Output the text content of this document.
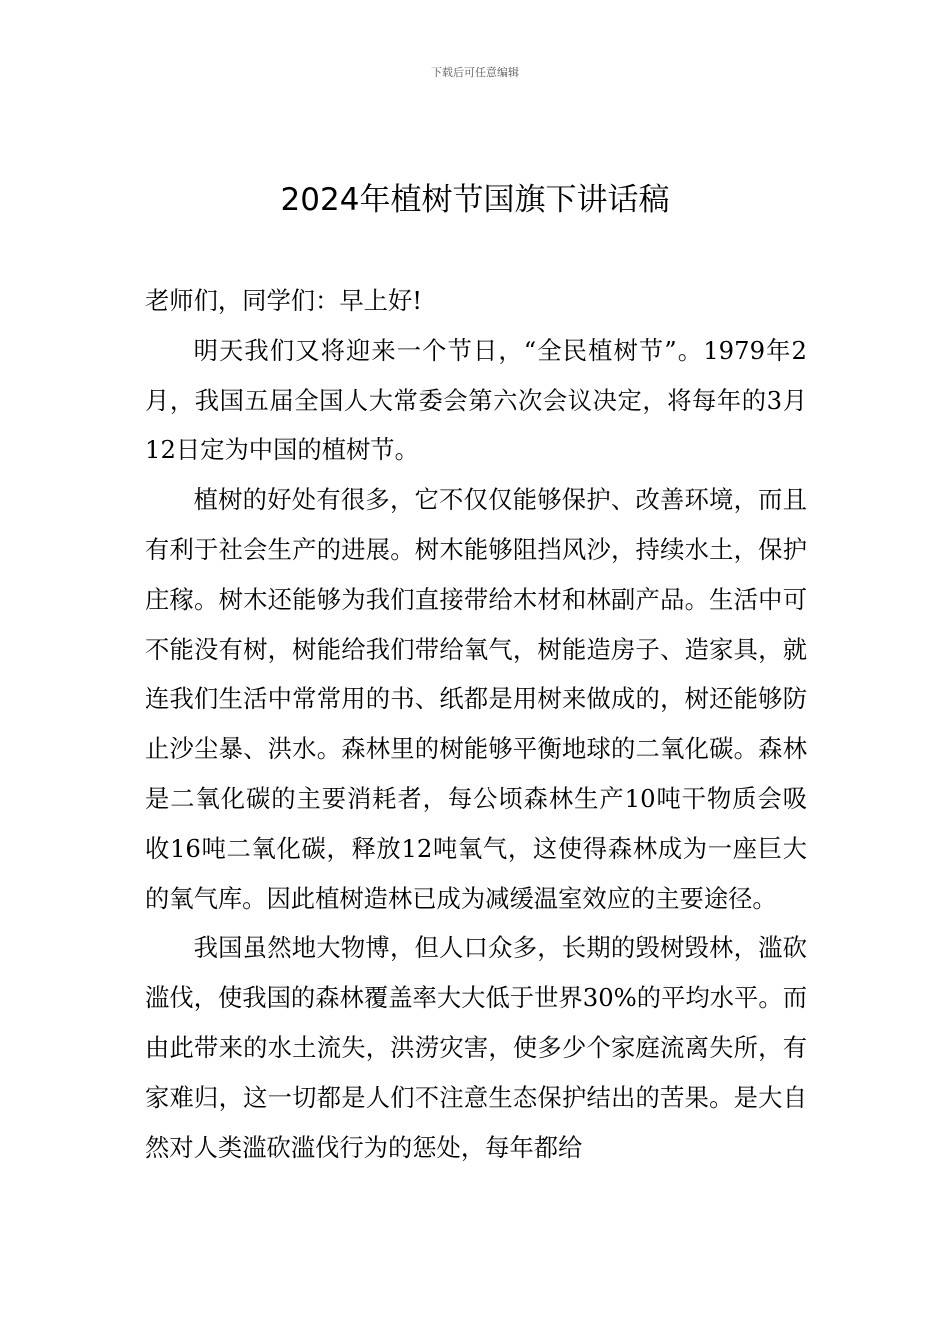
下载后可任意编辑
2024年植树节国旗下讲话稿

老师们，同学们：早上好!

明天我们又将迎来一个节日，“全民植树节”。1979年2月，我国五届全国人大常委会第六次会议决定，将每年的3月12日定为中国的植树节。

植树的好处有很多，它不仅仅能够保护、改善环境，而且有利于社会生产的进展。树木能够阻挡风沙，持续水土，保护庄稼。树木还能够为我们直接带给木材和林副产品。生活中可不能没有树，树能给我们带给氧气，树能造房子、造家具，就连我们生活中常常用的书、纸都是用树来做成的，树还能够防止沙尘暴、洪水。森林里的树能够平衡地球的二氧化碳。森林是二氧化碳的主要消耗者，每公顷森林生产10吨干物质会吸收16吨二氧化碳，释放12吨氧气，这使得森林成为一座巨大的氧气库。因此植树造林已成为减缓温室效应的主要途径。

我国虽然地大物博，但人口众多，长期的毁树毁林，滥砍滥伐，使我国的森林覆盖率大大低于世界30%的平均水平。而由此带来的水土流失，洪涝灾害，使多少个家庭流离失所，有家难归，这一切都是人们不注意生态保护结出的苦果。是大自然对人类滥砍滥伐行为的惩处，每年都给
